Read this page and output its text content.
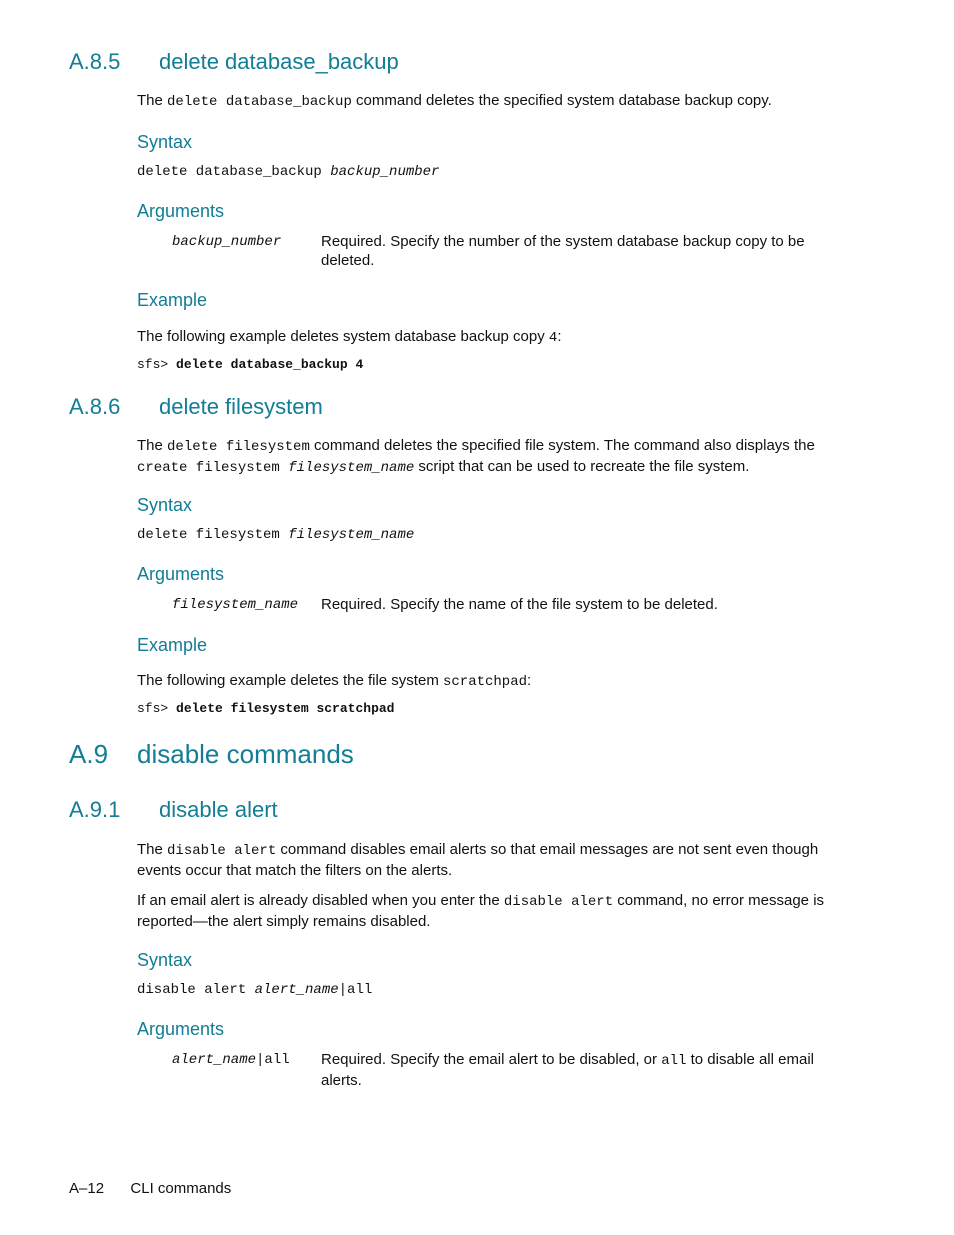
A.8.5 delete database_backup
The delete database_backup command deletes the specified system database backup copy.
Syntax
delete database_backup backup_number
Arguments
backup_number	Required. Specify the number of the system database backup copy to be
deleted.
Example
The following example deletes system database backup copy 4:
sfs> delete database_backup 4
A.8.6 delete filesystem
The delete filesystem command deletes the specified file system. The command also displays the
create filesystem filesystem_name script that can be used to recreate the file system.
Syntax
delete filesystem filesystem_name
Arguments
filesystem_name Required. Specify the name of the file system to be deleted.
Example
The following example deletes the file system scratchpad:
sfs> delete filesystem scratchpad
A.9 disable commands
A.9.1 disable alert
The disable alert command disables email alerts so that email messages are not sent even though
events occur that match the filters on the alerts.
If an email alert is already disabled when you enter the disable alert command, no error message is
reported—the alert simply remains disabled.
Syntax
disable alert alert_name|all
Arguments
alert_name|all Required. Specify the email alert to be disabled, or all to disable all email
alerts.
A–12 CLI commands
